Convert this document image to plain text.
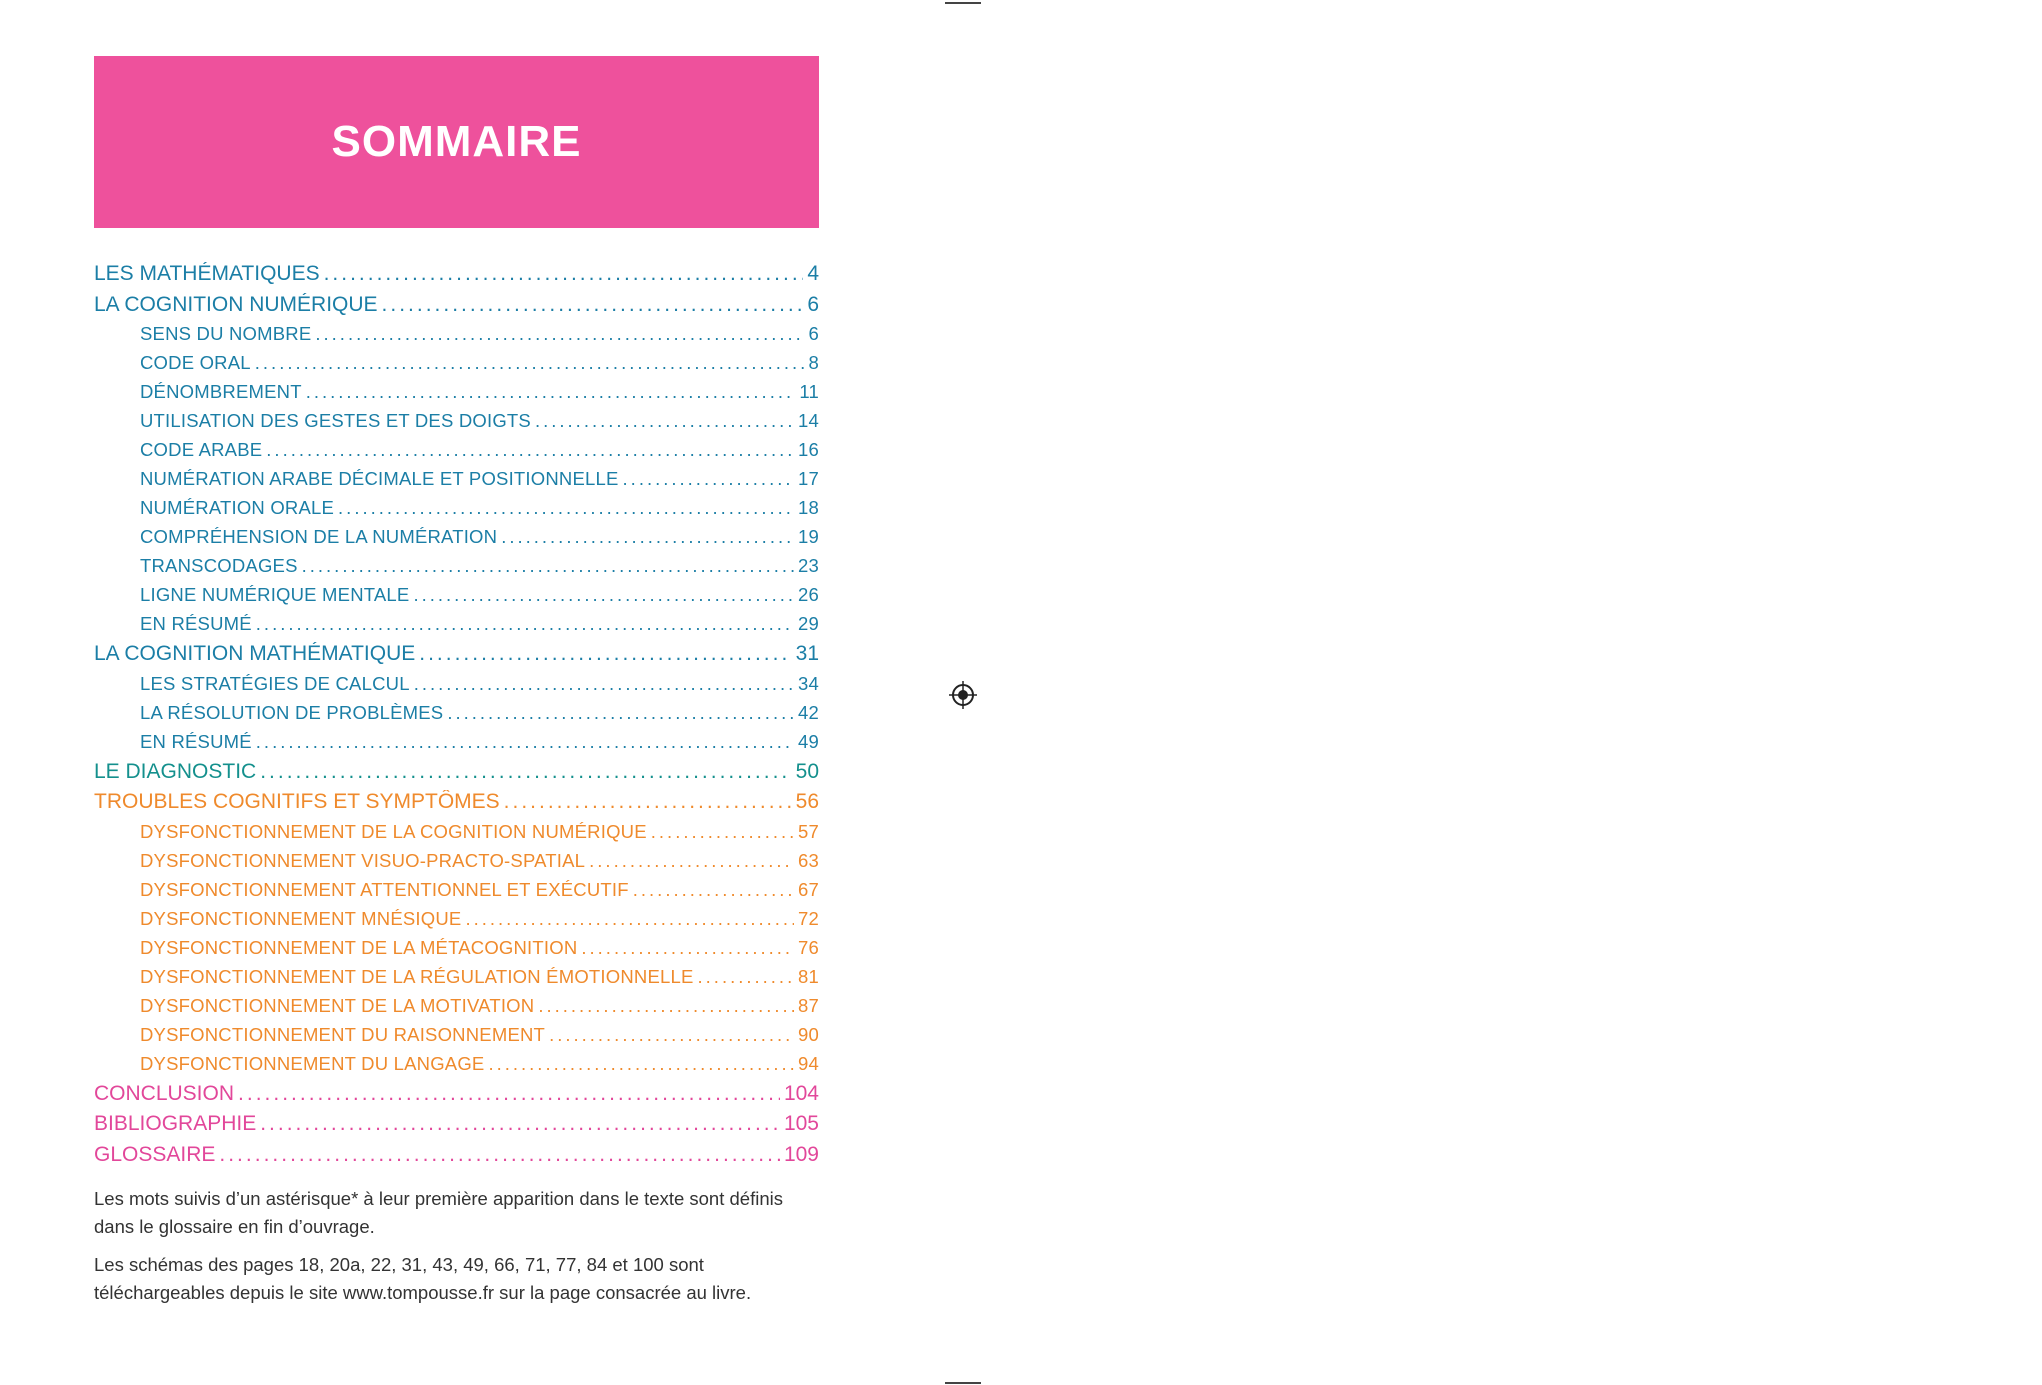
SOMMAIRE
LES MATHÉMATIQUES .....	4
LA COGNITION NUMÉRIQUE .....	6
SENS DU NOMBRE .....	6
CODE ORAL .....	8
DÉNOMBREMENT .....	11
UTILISATION DES GESTES ET DES DOIGTS .....	14
CODE ARABE .....	16
NUMÉRATION ARABE DÉCIMALE ET POSITIONNELLE .....	17
NUMÉRATION ORALE .....	18
COMPRÉHENSION DE LA NUMÉRATION .....	19
TRANSCODAGES .....	23
LIGNE NUMÉRIQUE MENTALE .....	26
EN RÉSUMÉ .....	29
LA COGNITION MATHÉMATIQUE .....	31
LES STRATÉGIES DE CALCUL .....	34
LA RÉSOLUTION DE PROBLÈMES .....	42
EN RÉSUMÉ .....	49
LE DIAGNOSTIC .....	50
TROUBLES COGNITIFS ET SYMPTÔMES .....	56
DYSFONCTIONNEMENT DE LA COGNITION NUMÉRIQUE .....	57
DYSFONCTIONNEMENT VISUO-PRACTO-SPATIAL .....	63
DYSFONCTIONNEMENT ATTENTIONNEL ET EXÉCUTIF .....	67
DYSFONCTIONNEMENT MNÉSIQUE .....	72
DYSFONCTIONNEMENT DE LA MÉTACOGNITION .....	76
DYSFONCTIONNEMENT DE LA RÉGULATION ÉMOTIONNELLE .....	81
DYSFONCTIONNEMENT DE LA MOTIVATION .....	87
DYSFONCTIONNEMENT DU RAISONNEMENT .....	90
DYSFONCTIONNEMENT DU LANGAGE .....	94
CONCLUSION .....	104
BIBLIOGRAPHIE .....	105
GLOSSAIRE .....	109

Les mots suivis d’un astérisque* à leur première apparition dans le texte sont définis dans le glossaire en fin d’ouvrage.

Les schémas des pages 18, 20a, 22, 31, 43, 49, 66, 71, 77, 84 et 100 sont téléchargeables depuis le site www.tompousse.fr sur la page consacrée au livre.
